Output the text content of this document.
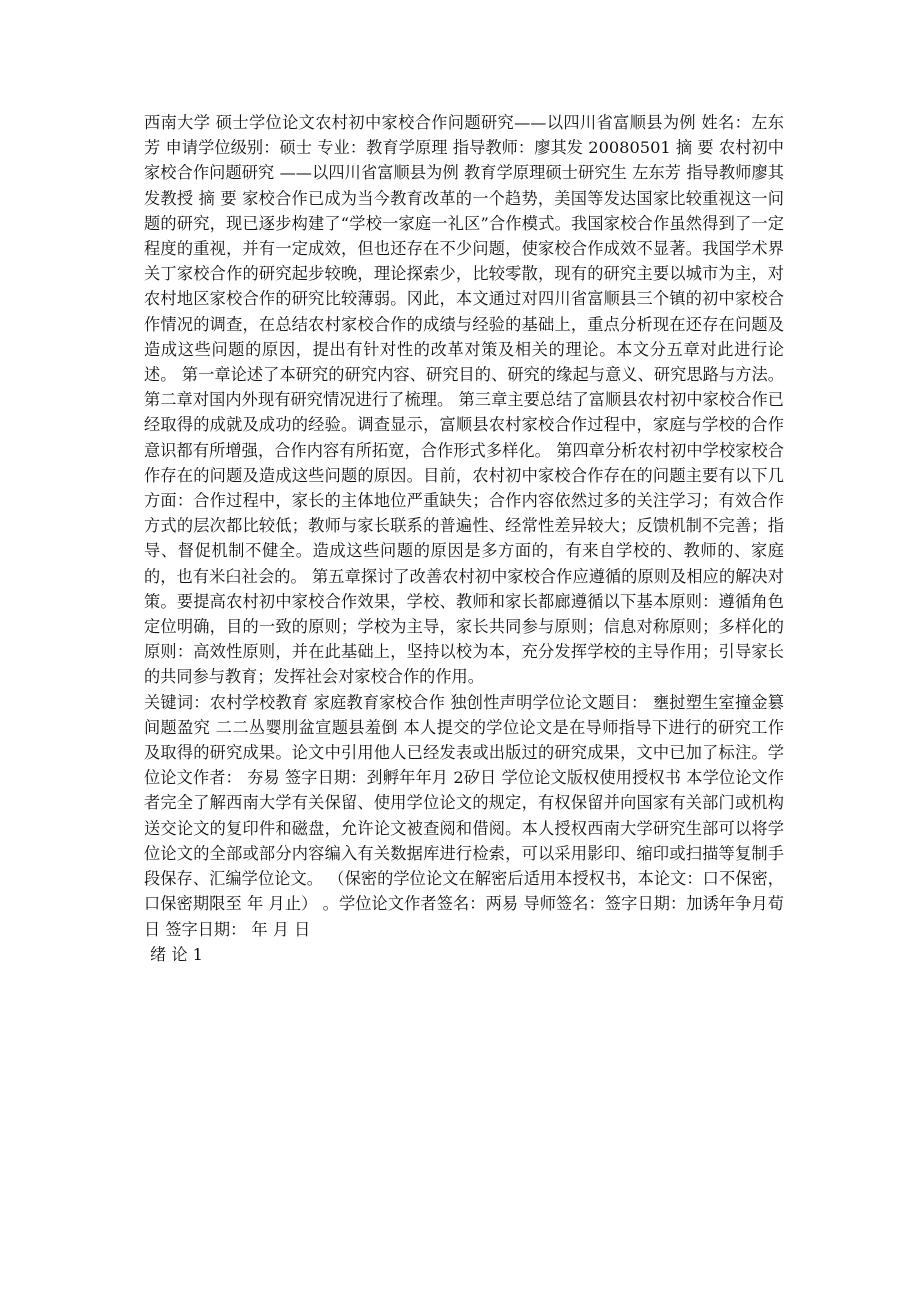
西南大学 硕士学位论文农村初中家校合作问题研究——以四川省富顺县为例 姓名：左东芳 申请学位级别：硕士 专业：教育学原理 指导教师：廖其发 20080501 摘 要 农村初中家校合作问题研究 ——以四川省富顺县为例 教育学原理硕士研究生 左东芳 指导教师廖其发教授 摘 要 家校合作已成为当今教育改革的一个趋势，美国等发达国家比较重视这一问题的研究，现已逐步构建了“学校一家庭一礼区”合作模式。我国家校合作虽然得到了一定程度的重视，并有一定成效，但也还存在不少问题，使家校合作成效不显著。我国学术界关丁家校合作的研究起步较晚，理论探索少，比较零散，现有的研究主要以城市为主，对农村地区家校合作的研究比较薄弱。冈此，本文通过对四川省富顺县三个镇的初中家校合作情况的调查，在总结农村家校合作的成绩与经验的基础上，重点分析现在还存在问题及造成这些问题的原因，提出有针对性的改革对策及相关的理论。本文分五章对此进行论述。 第一章论述了本研究的研究内容、研究目的、研究的缘起与意义、研究思路与方法。 第二章对国内外现有研究情况进行了梳理。 第三章主要总结了富顺县农村初中家校合作已经取得的成就及成功的经验。调查显示，富顺县农村家校合作过程中，家庭与学校的合作意识都有所增强，合作内容有所拓宽，合作形式多样化。 第四章分析农村初中学校家校合作存在的问题及造成这些问题的原因。目前，农村初中家校合作存在的问题主要有以下几方面：合作过程中，家长的主体地位严重缺失；合作内容依然过多的关注学习；有效合作方式的层次都比较低；教师与家长联系的普遍性、经常性差异较大；反馈机制不完善；指导、督促机制不健全。造成这些问题的原因是多方面的，有来自学校的、教师的、家庭的，也有米臼社会的。 第五章探讨了改善农村初中家校合作应遵循的原则及相应的解决对策。要提高农村初中家校合作效果，学校、教师和家长都廊遵循以下基本原则：遵循角色定位明确，目的一致的原则；学校为主导，家长共同参与原则；信息对称原则；多样化的原则：高效性原则，并在此基础上，坚持以校为本，充分发挥学校的主导作用；引导家长的共同参与教育；发挥社会对家校合作的作用。

关键词：农村学校教育 家庭教育家校合作 独创性声明学位论文题目： 壅挝塑生室撞金篡间题盈究 二二丛婴刖盆宣题县羞倒 本人提交的学位论文是在导师指导下进行的研究工作及取得的研究成果。论文中引用他人已经发表或出版过的研究成果，文中已加了标注。学位论文作者： 夯易 签字日期：刭孵年年月 2矽日 学位论文版权使用授权书 本学位论文作者完全了解西南大学有关保留、使用学位论文的规定，有权保留并向国家有关部门或机构送交论文的复印件和磁盘，允许论文被查阅和借阅。本人授权西南大学研究生部可以将学位论文的全部或部分内容编入有关数据库进行检索，可以采用影印、缩印或扫描等复制手段保存、汇编学位论文。 （保密的学位论文在解密后适用本授权书，本论文：口不保密，口保密期限至 年 月止） 。学位论文作者签名：两易 导师签名：签字日期：加诱年争月荀日 签字日期： 年 月 日

绪 论 1
